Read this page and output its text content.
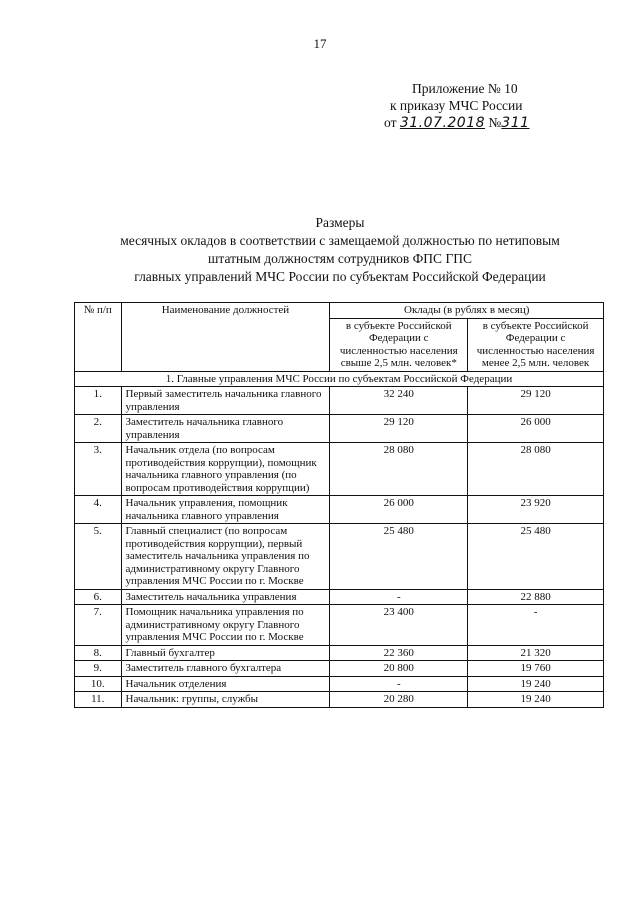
17
Приложение № 10
к приказу МЧС России
от 31.07.2018 №311
Размеры
месячных окладов в соответствии с замещаемой должностью по нетиповым
штатным должностям сотрудников ФПС ГПС
главных управлений МЧС России по субъектам Российской Федерации
№ п/п	Наименование должностей	Оклады (в рублях в месяц)	
		в субъекте Российской Федерации с численностью населения свыше 2,5 млн. человек*	в субъекте Российской Федерации с численностью населения менее 2,5 млн. человек
1. Главные управления МЧС России по субъектам Российской Федерации			
1.	Первый заместитель начальника главного управления	32 240	29 120
2.	Заместитель начальника главного управления	29 120	26 000
3.	Начальник отдела (по вопросам противодействия коррупции), помощник начальника главного управления (по вопросам противодействия коррупции)	28 080	28 080
4.	Начальник управления, помощник начальника главного управления	26 000	23 920
5.	Главный специалист (по вопросам противодействия коррупции), первый заместитель начальника управления по административному округу Главного управления МЧС России по г. Москве	25 480	25 480
6.	Заместитель начальника управления	-	22 880
7.	Помощник начальника управления по административному округу Главного управления МЧС России по г. Москве	23 400	-
8.	Главный бухгалтер	22 360	21 320
9.	Заместитель главного бухгалтера	20 800	19 760
10.	Начальник отделения	-	19 240
11.	Начальник: группы, службы	20 280	19 240
